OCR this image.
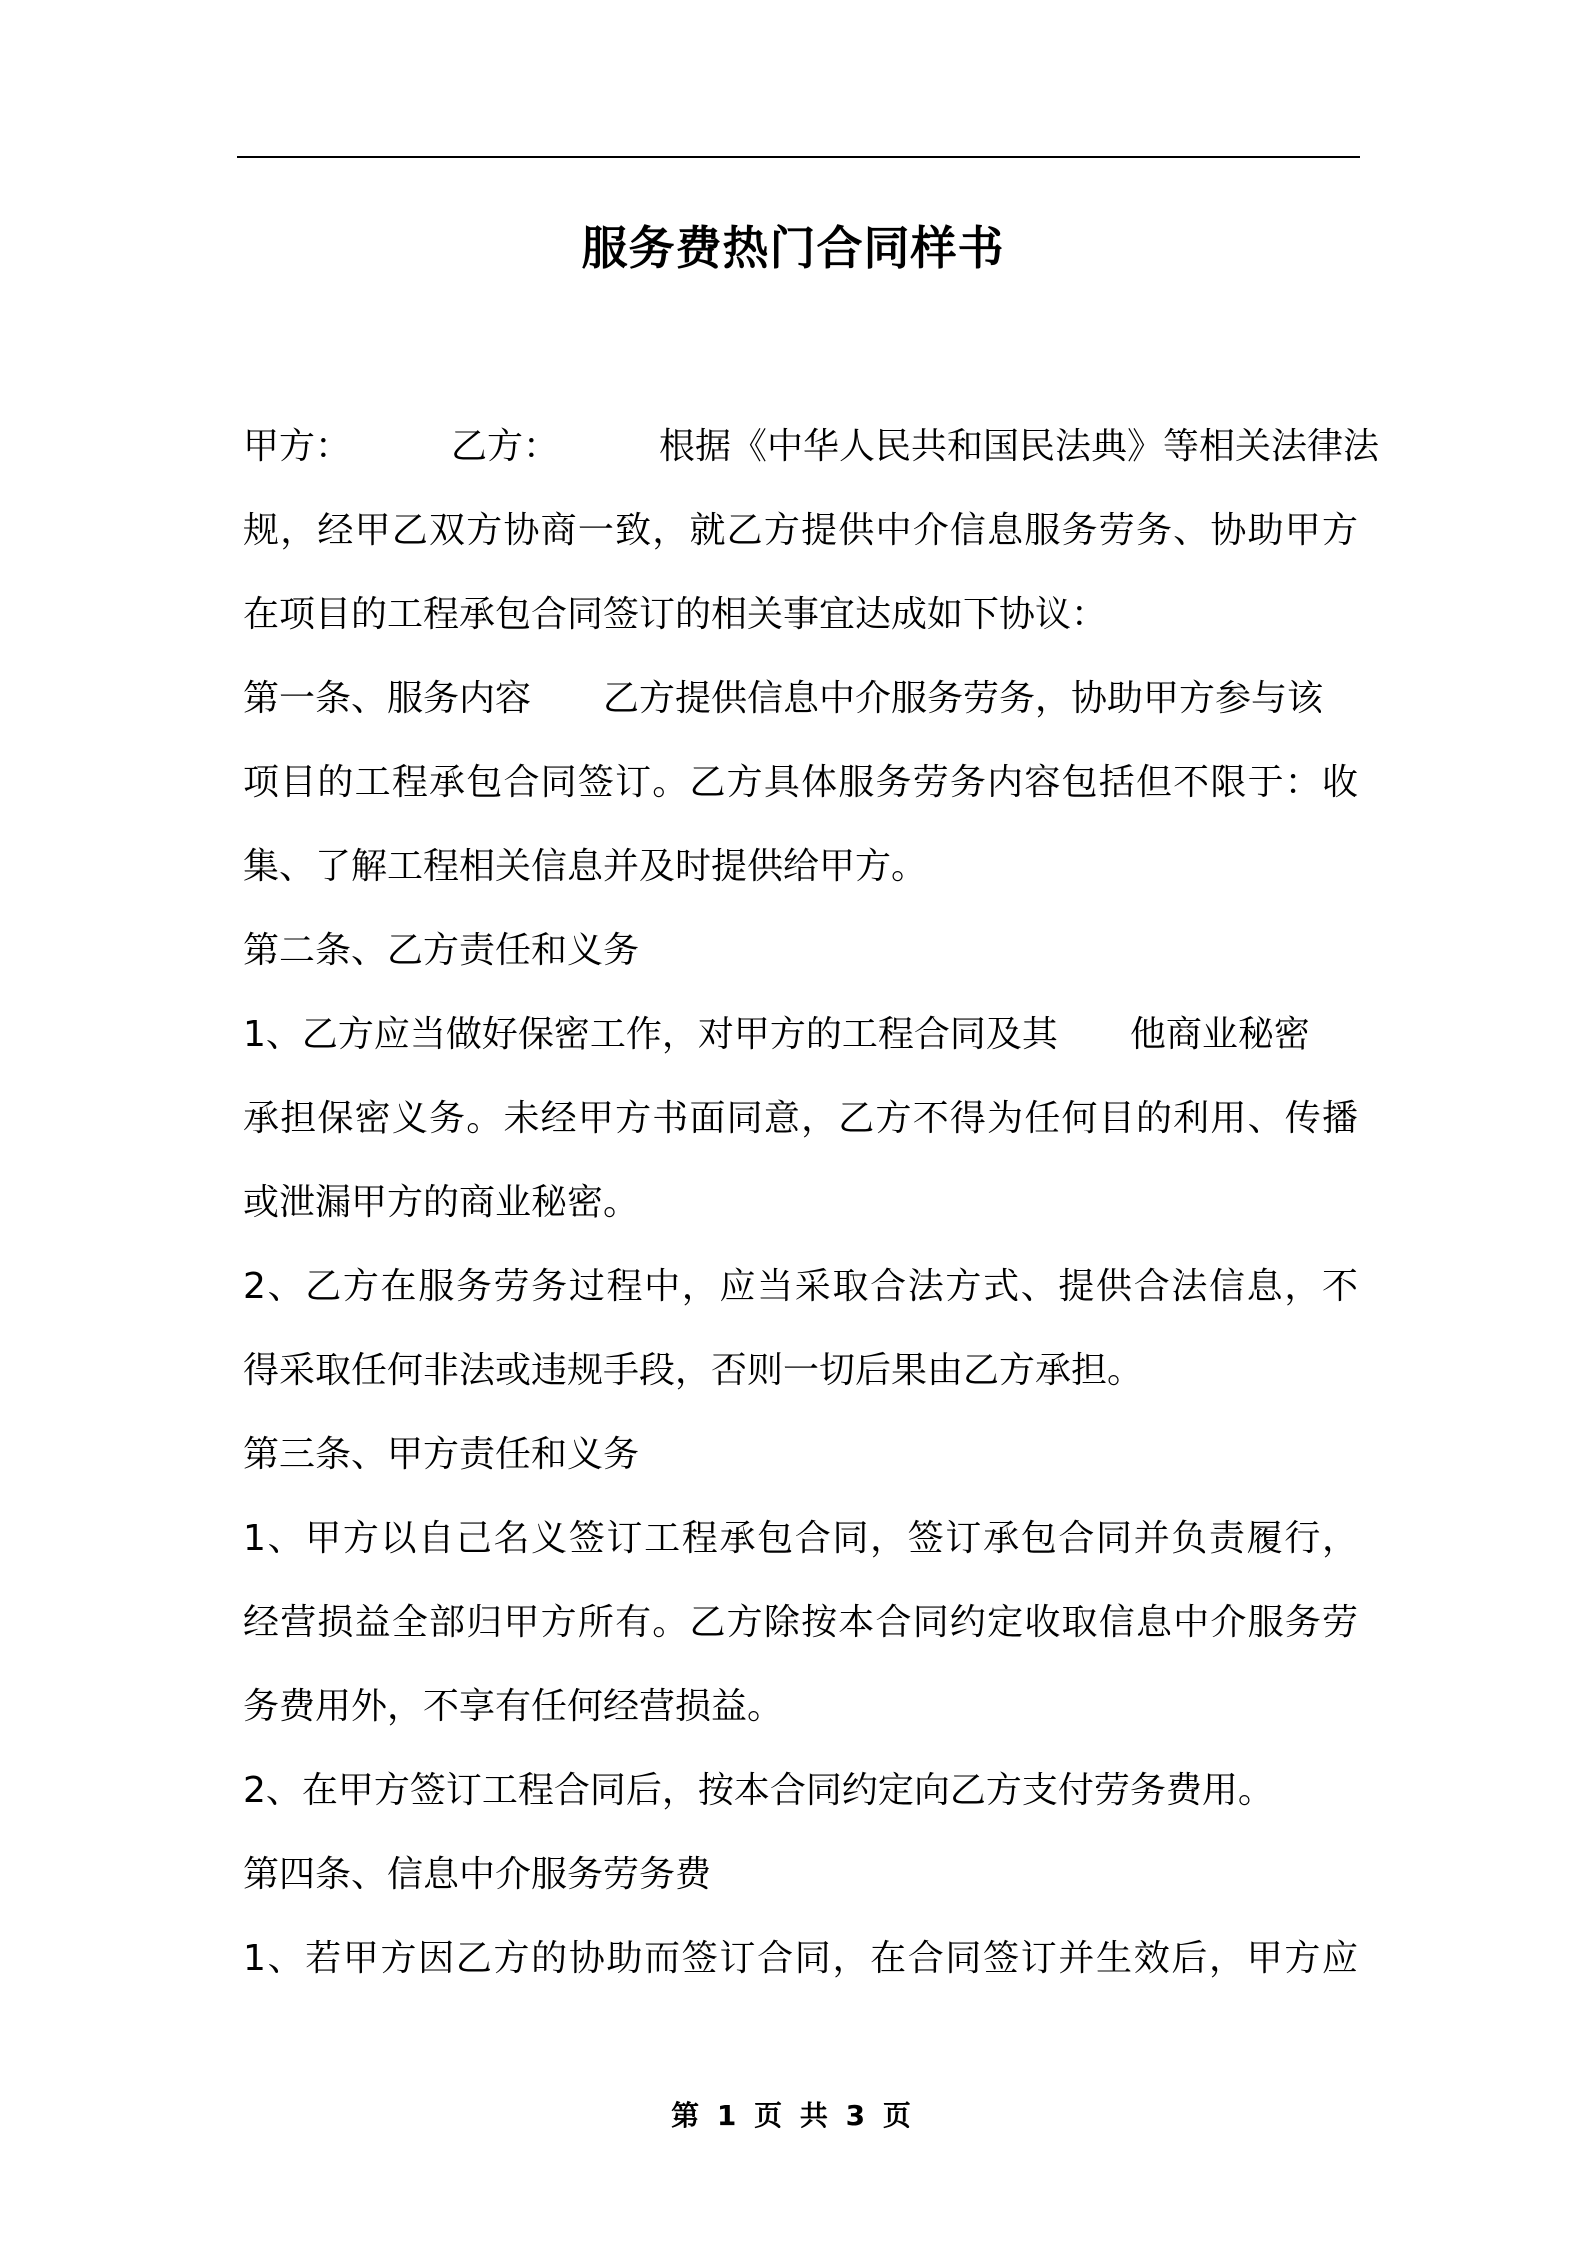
服务费热门合同样书
甲方：	乙方：	根据《中华人民共和国民法典》等相关法律法
规，经甲乙双方协商一致，就乙方提供中介信息服务劳务、协助甲方
在项目的工程承包合同签订的相关事宜达成如下协议：
第一条、服务内容 乙方提供信息中介服务劳务，协助甲方参与该
项目的工程承包合同签订。乙方具体服务劳务内容包括但不限于：收
集、了解工程相关信息并及时提供给甲方。
第二条、乙方责任和义务
1、乙方应当做好保密工作，对甲方的工程合同及其 他商业秘密
承担保密义务。未经甲方书面同意，乙方不得为任何目的利用、传播
或泄漏甲方的商业秘密。
2、乙方在服务劳务过程中，应当采取合法方式、提供合法信息，不
得采取任何非法或违规手段，否则一切后果由乙方承担。
第三条、甲方责任和义务
1、甲方以自己名义签订工程承包合同，签订承包合同并负责履行，
经营损益全部归甲方所有。乙方除按本合同约定收取信息中介服务劳
务费用外，不享有任何经营损益。
2、在甲方签订工程合同后，按本合同约定向乙方支付劳务费用。
第四条、信息中介服务劳务费
1、若甲方因乙方的协助而签订合同，在合同签订并生效后，甲方应
第 1 页 共 3 页
